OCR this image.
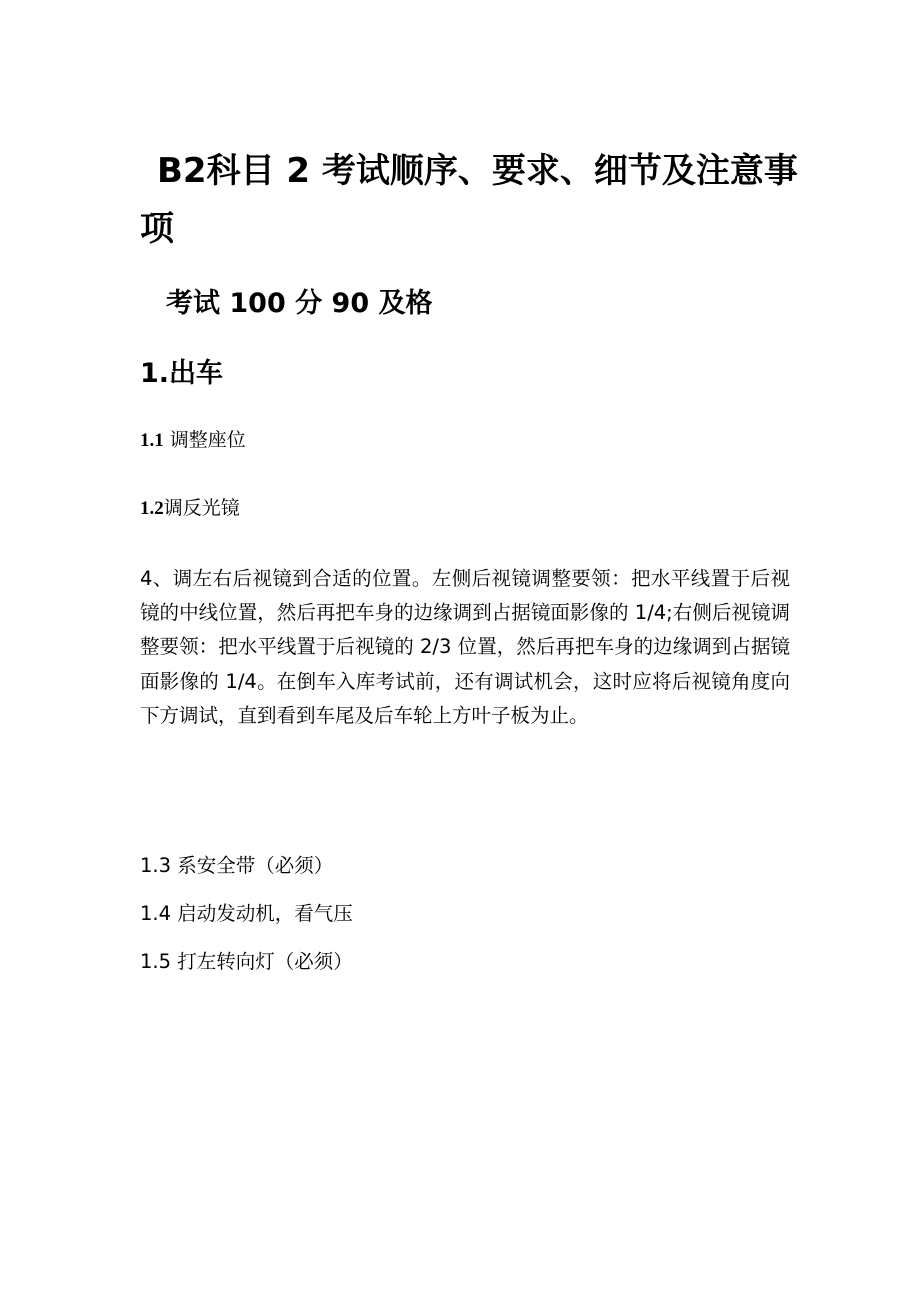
B2科目 2 考试顺序、要求、细节及注意事项
考试 100 分 90 及格
1.出车

1.1 调整座位

1.2调反光镜

4、调左右后视镜到合适的位置。左侧后视镜调整要领：把水平线置于后视镜的中线位置，然后再把车身的边缘调到占据镜面影像的 1/4;右侧后视镜调整要领：把水平线置于后视镜的 2/3 位置，然后再把车身的边缘调到占据镜面影像的 1/4。在倒车入库考试前，还有调试机会，这时应将后视镜角度向下方调试，直到看到车尾及后车轮上方叶子板为止。

1.3 系安全带（必须）

1.4 启动发动机，看气压

1.5 打左转向灯（必须）
